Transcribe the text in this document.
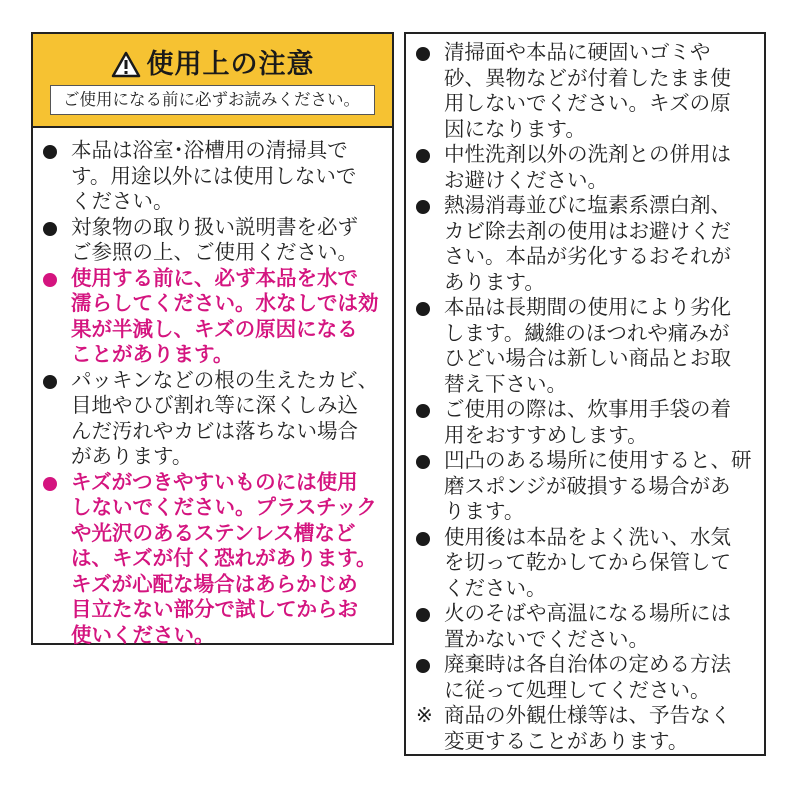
使用上の注意
ご使用になる前に必ずお読みください。
本品は浴室･浴槽用の清掃具で
す。用途以外には使用しないで
ください。
対象物の取り扱い説明書を必ず
ご参照の上、ご使用ください。
使用する前に、必ず本品を水で
濡らしてください。水なしでは効
果が半減し、キズの原因になる
ことがあります。
パッキンなどの根の生えたカビ、
目地やひび割れ等に深くしみ込
んだ汚れやカビは落ちない場合
があります。
キズがつきやすいものには使用
しないでください。プラスチック
や光沢のあるステンレス槽など
は、キズが付く恐れがあります。
キズが心配な場合はあらかじめ
目立たない部分で試してからお
使いください。
清掃面や本品に硬固いゴミや
砂、異物などが付着したまま使
用しないでください。キズの原
因になります。
中性洗剤以外の洗剤との併用は
お避けください。
熱湯消毒並びに塩素系漂白剤、
カビ除去剤の使用はお避けくだ
さい。本品が劣化するおそれが
あります。
本品は長期間の使用により劣化
します。繊維のほつれや痛みが
ひどい場合は新しい商品とお取
替え下さい。
ご使用の際は、炊事用手袋の着
用をおすすめします。
凹凸のある場所に使用すると、研
磨スポンジが破損する場合があ
ります。
使用後は本品をよく洗い、水気
を切って乾かしてから保管して
ください。
火のそばや高温になる場所には
置かないでください。
廃棄時は各自治体の定める方法
に従って処理してください。
※ 商品の外観仕様等は、予告なく
変更することがあります。
